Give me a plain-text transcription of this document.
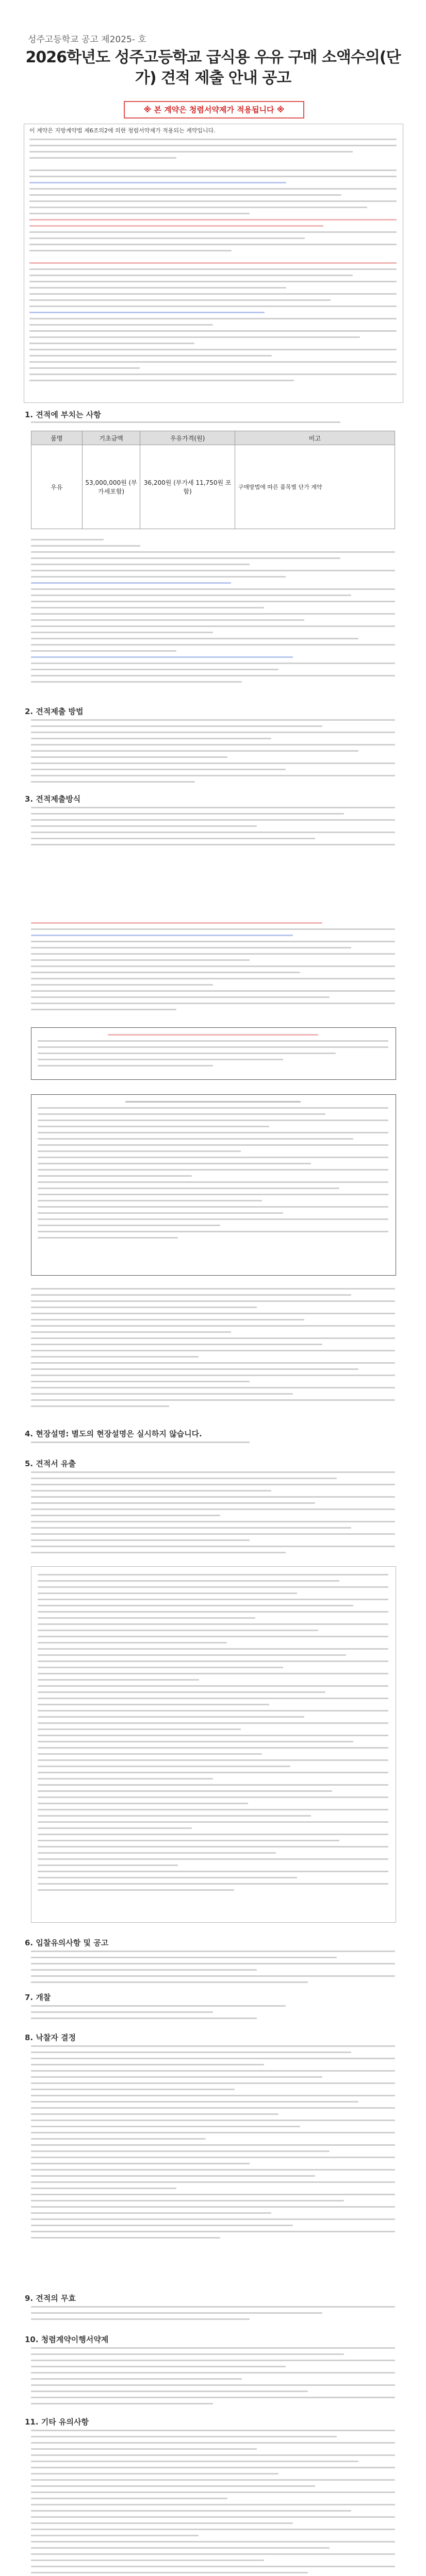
성주고등학교 공고 제2025- 호
2026학년도 성주고등학교 급식용 우유 구매 소액수의(단가) 견적 제출 안내 공고
※ 본 계약은 청렴서약제가 적용됩니다 ※
이 계약은 지방계약법 제6조의2에 의한 청렴서약제가 적용되는 계약입니다.
1. 견적에 부치는 사항
품명	기초금액	우유가격(원)	비고
우유	53,000,000원 (부가세포함)	36,200원 (부가세 11,750원 포함)	구매방법에 따른 품목별 단가 계약
2. 견적제출 방법
3. 견적제출방식
4. 현장설명: 별도의 현장설명은 실시하지 않습니다.
5. 견적서 유출
6. 입찰유의사항 및 공고
7. 개찰
8. 낙찰자 결정
9. 견적의 무효
10. 청렴계약이행서약제
11. 기타 유의사항
